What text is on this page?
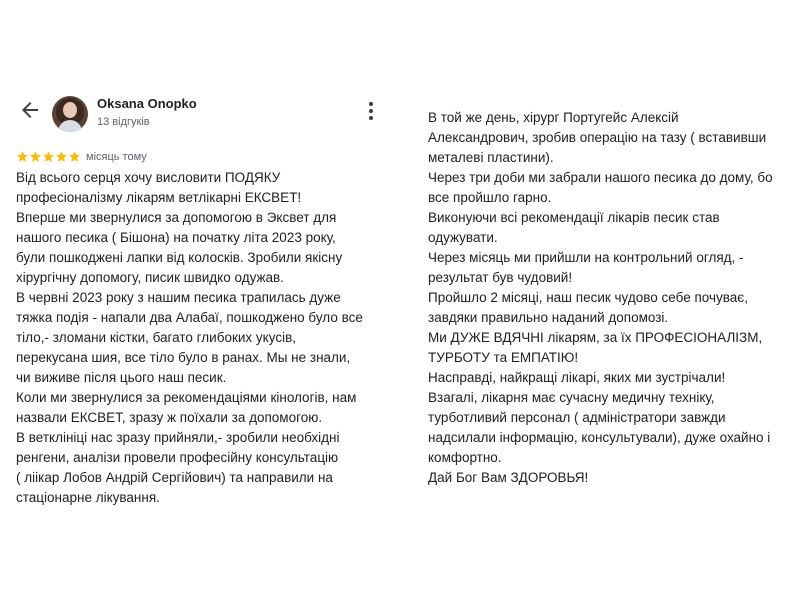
Oksana Onopko
13 відгуків
місяць тому
Від всього серця хочу висловити ПОДЯКУ
професіоналізму лікарям ветлікарні ЕКСВЕТ!
Вперше ми звернулися за допомогою в Эксвет для
нашого песика ( Бішона) на початку літа 2023 року,
були пошкоджені лапки від колосків. Зробили якісну
хірургічну допомогу, писик швидко одужав.
В червні 2023 року з нашим песика трапилась дуже
тяжка подія - напали два Алабаї, пошкоджено було все
тіло,- зломани кістки, багато глибоких укусів,
перекусана шия, все тіло було в ранах. Мы не знали,
чи виживе після цього наш песик.
Коли ми звернулися за рекомендаціями кінологів, нам
назвали ЕКСВЕТ, зразу ж поїхали за допомогою.
В ветклініці нас зразу прийняли,- зробили необхідні
ренгени, аналізи провели професійну консультацію
( ліікар Лобов Андрій Сергійович) та направили на
стаціонарне лікування.
В той же день, хірург Португейс Алексій
Александрович, зробив операцію на тазу ( вставивши
металеві пластини).
Через три доби ми забрали нашого песика до дому, бо
все пройшло гарно.
Виконуючи всі рекомендації лікарів песик став
одужувати.
Через місяць ми прийшли на контрольний огляд, -
результат був чудовий!
Пройшло 2 місяці, наш песик чудово себе почуває,
завдяки правильно наданий допомозі.
Ми ДУЖЕ ВДЯЧНІ лікарям, за їх ПРОФЕСІОНАЛІЗМ,
ТУРБОТУ та ЕМПАТІЮ!
Насправді, найкращі лікарі, яких ми зустрічали!
Взагалі, лікарня має сучасну медичну техніку,
турботливий персонал ( адміністратори завжди
надсилали інформацію, консультували), дуже охайно і
комфортно.
Дай Бог Вам ЗДОРОВЬЯ!
